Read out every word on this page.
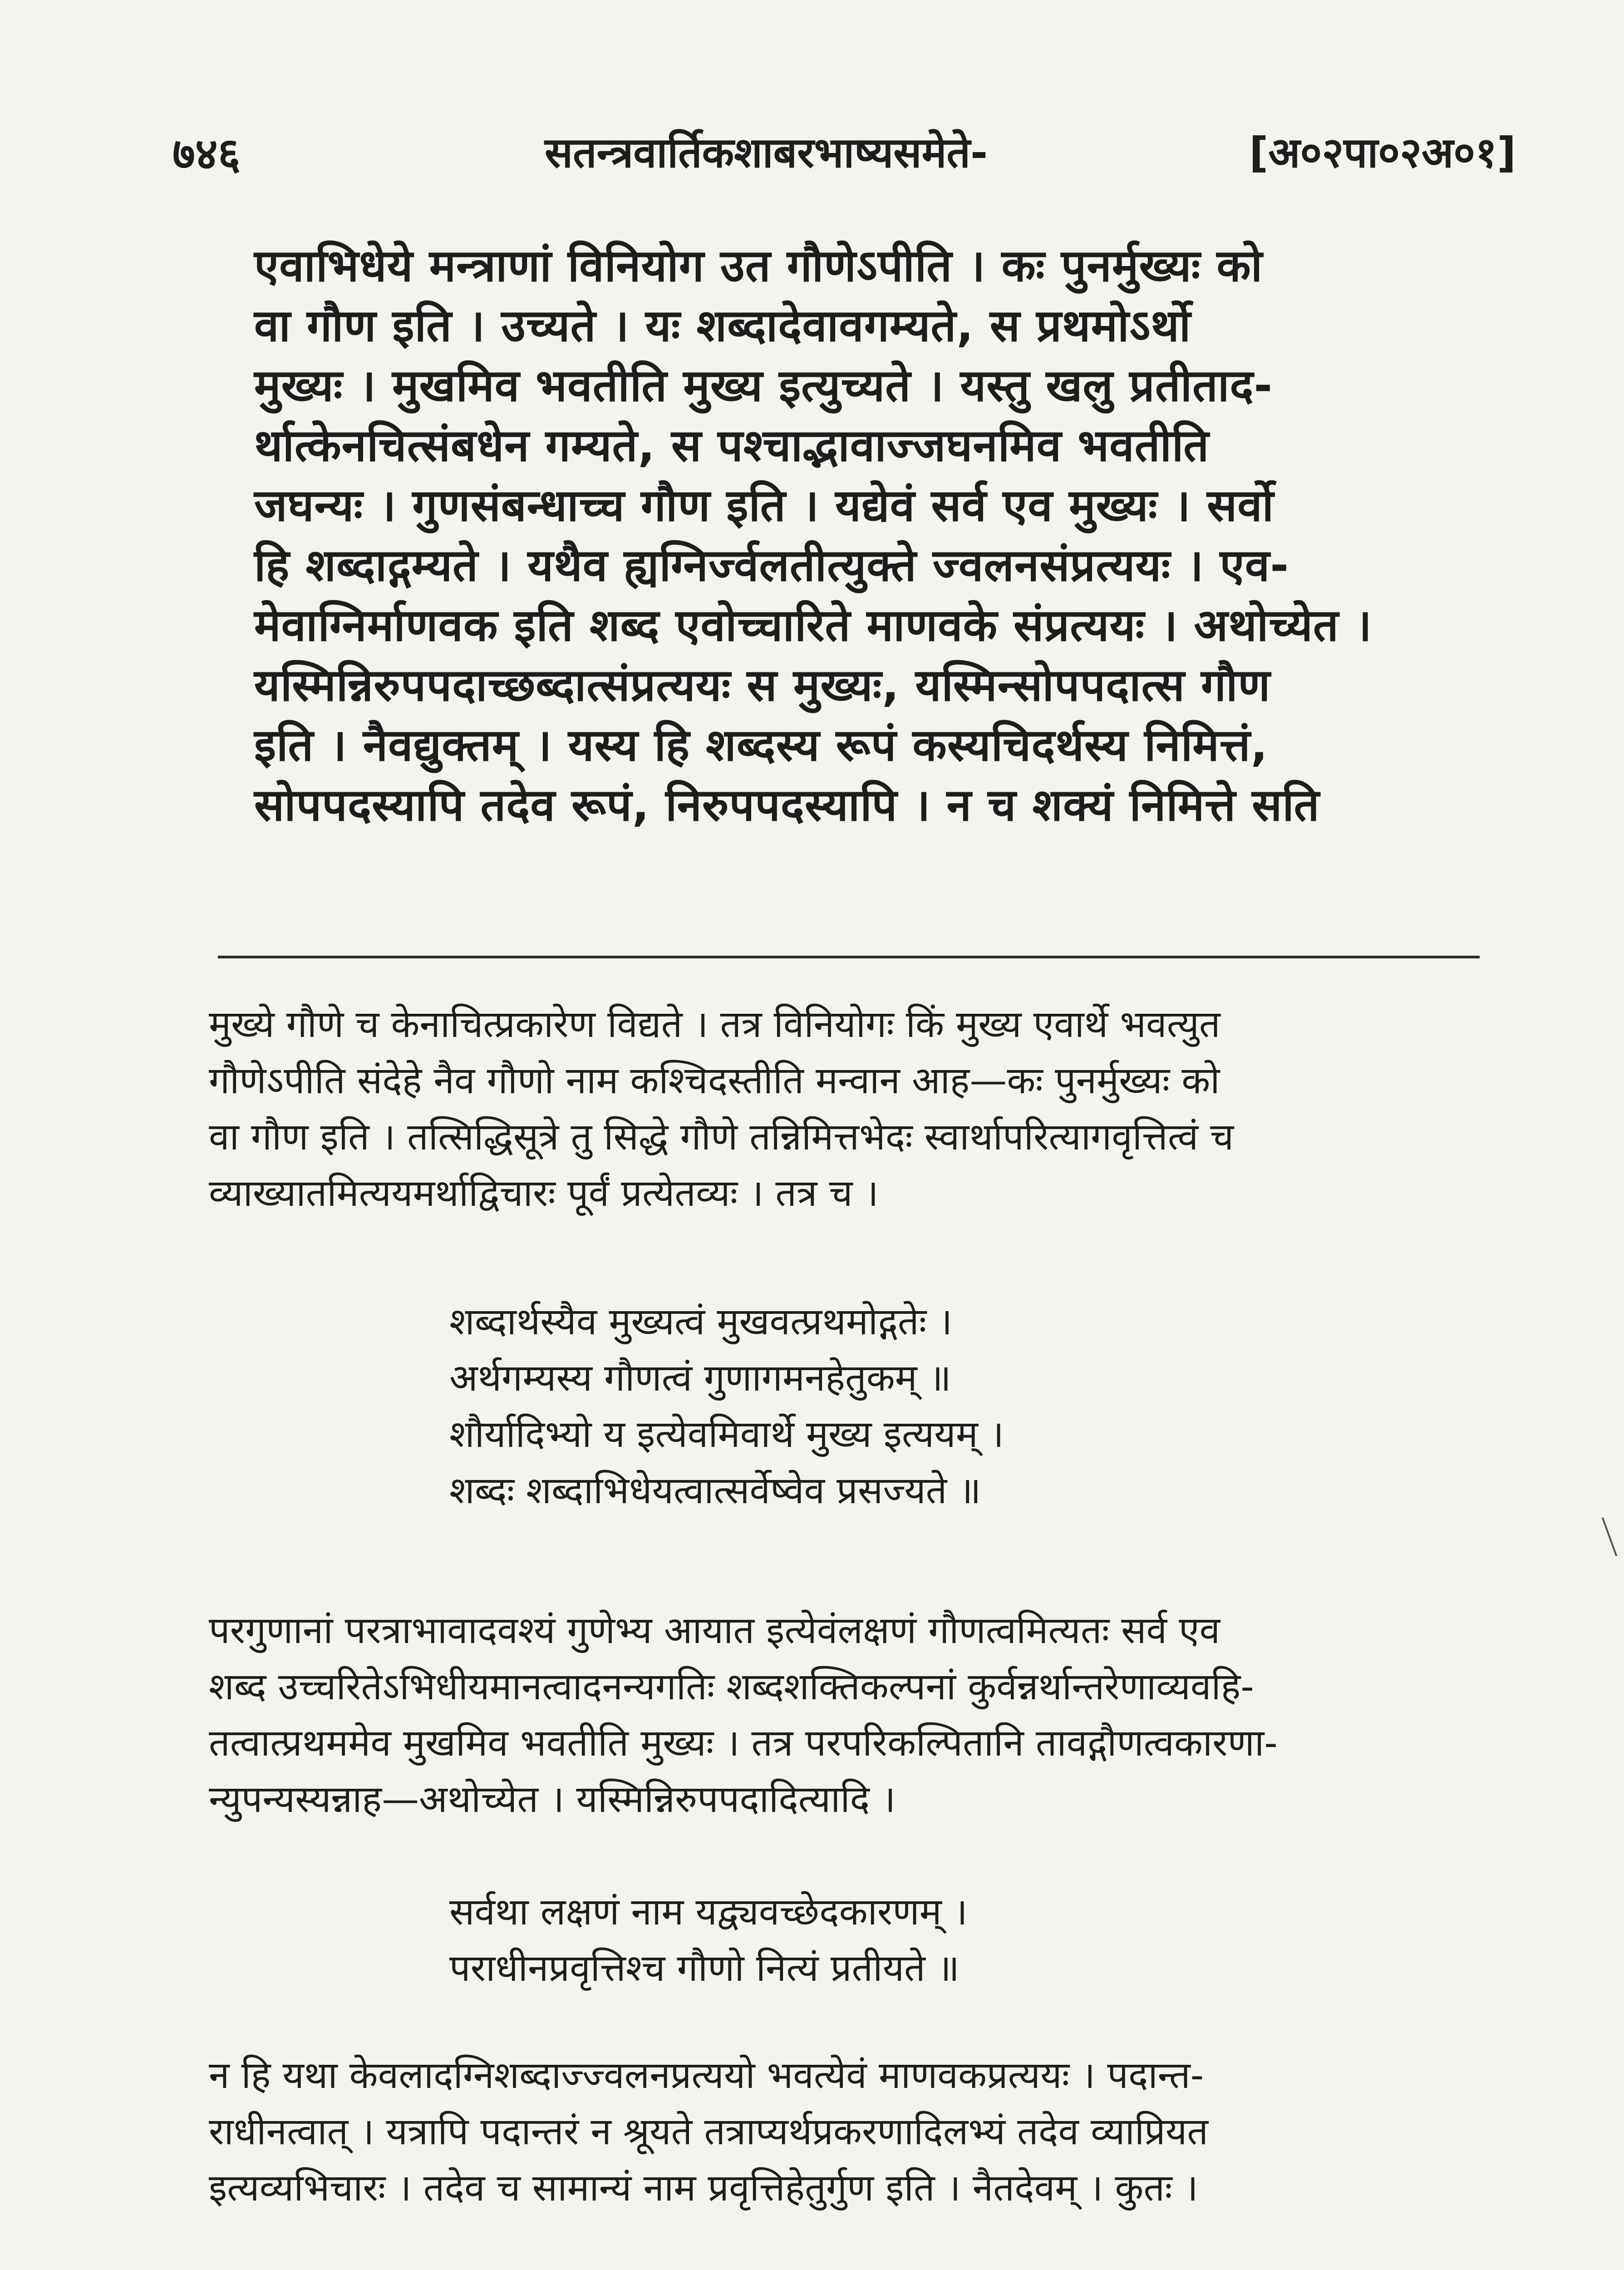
७४६	सतन्त्रवार्तिकशाबरभाष्यसमेते-	[अ०२पा०२अ०१]
एवाभिधेये मन्त्राणां विनियोग उत गौणेऽपीति । कः पुनर्मुख्यः को
वा गौण इति । उच्यते । यः शब्दादेवावगम्यते, स प्रथमोऽर्थो
मुख्यः । मुखमिव भवतीति मुख्य इत्युच्यते । यस्तु खलु प्रतीताद-
र्थात्केनचित्संबधेन गम्यते, स पश्चाद्भावाज्जघनमिव भवतीति
जघन्यः । गुणसंबन्धाच्च गौण इति । यद्येवं सर्व एव मुख्यः । सर्वो
हि शब्दाद्गम्यते । यथैव ह्यग्निर्ज्वलतीत्युक्ते ज्वलनसंप्रत्ययः । एव-
मेवाग्निर्माणवक इति शब्द एवोच्चारिते माणवके संप्रत्ययः । अथोच्येत ।
यस्मिन्निरुपपदाच्छब्दात्संप्रत्ययः स मुख्यः, यस्मिन्सोपपदात्स गौण
इति । नैवद्युक्तम् । यस्य हि शब्दस्य रूपं कस्यचिदर्थस्य निमित्तं,
सोपपदस्यापि तदेव रूपं, निरुपपदस्यापि । न च शक्यं निमित्ते सति
मुख्ये गौणे च केनाचित्प्रकारेण विद्यते । तत्र विनियोगः किं मुख्य एवार्थे भवत्युत
गौणेऽपीति संदेहे नैव गौणो नाम कश्चिदस्तीति मन्वान आह—कः पुनर्मुख्यः को
वा गौण इति । तत्सिद्धिसूत्रे तु सिद्धे गौणे तन्निमित्तभेदः स्वार्थापरित्यागवृत्तित्वं च
व्याख्यातमित्ययमर्थाद्विचारः पूर्वं प्रत्येतव्यः । तत्र च ।
शब्दार्थस्यैव मुख्यत्वं मुखवत्प्रथमोद्गतेः ।
अर्थगम्यस्य गौणत्वं गुणागमनहेतुकम् ॥
शौर्यादिभ्यो य इत्येवमिवार्थे मुख्य इत्ययम् ।
शब्दः शब्दाभिधेयत्वात्सर्वेष्वेव प्रसज्यते ॥
परगुणानां परत्राभावादवश्यं गुणेभ्य आयात इत्येवंलक्षणं गौणत्वमित्यतः सर्व एव
शब्द उच्चरितेऽभिधीयमानत्वादनन्यगतिः शब्दशक्तिकल्पनां कुर्वन्नर्थान्तरेणाव्यवहि-
तत्वात्प्रथममेव मुखमिव भवतीति मुख्यः । तत्र परपरिकल्पितानि तावद्गौणत्वकारणा-
न्युपन्यस्यन्नाह—अथोच्येत । यस्मिन्निरुपपदादित्यादि ।
सर्वथा लक्षणं नाम यद्व्यवच्छेदकारणम् ।
पराधीनप्रवृत्तिश्च गौणो नित्यं प्रतीयते ॥
न हि यथा केवलादग्निशब्दाज्ज्वलनप्रत्ययो भवत्येवं माणवकप्रत्ययः । पदान्त-
राधीनत्वात् । यत्रापि पदान्तरं न श्रूयते तत्राप्यर्थप्रकरणादिलभ्यं तदेव व्याप्रियत
इत्यव्यभिचारः । तदेव च सामान्यं नाम प्रवृत्तिहेतुर्गुण इति । नैतदेवम् । कुतः ।
